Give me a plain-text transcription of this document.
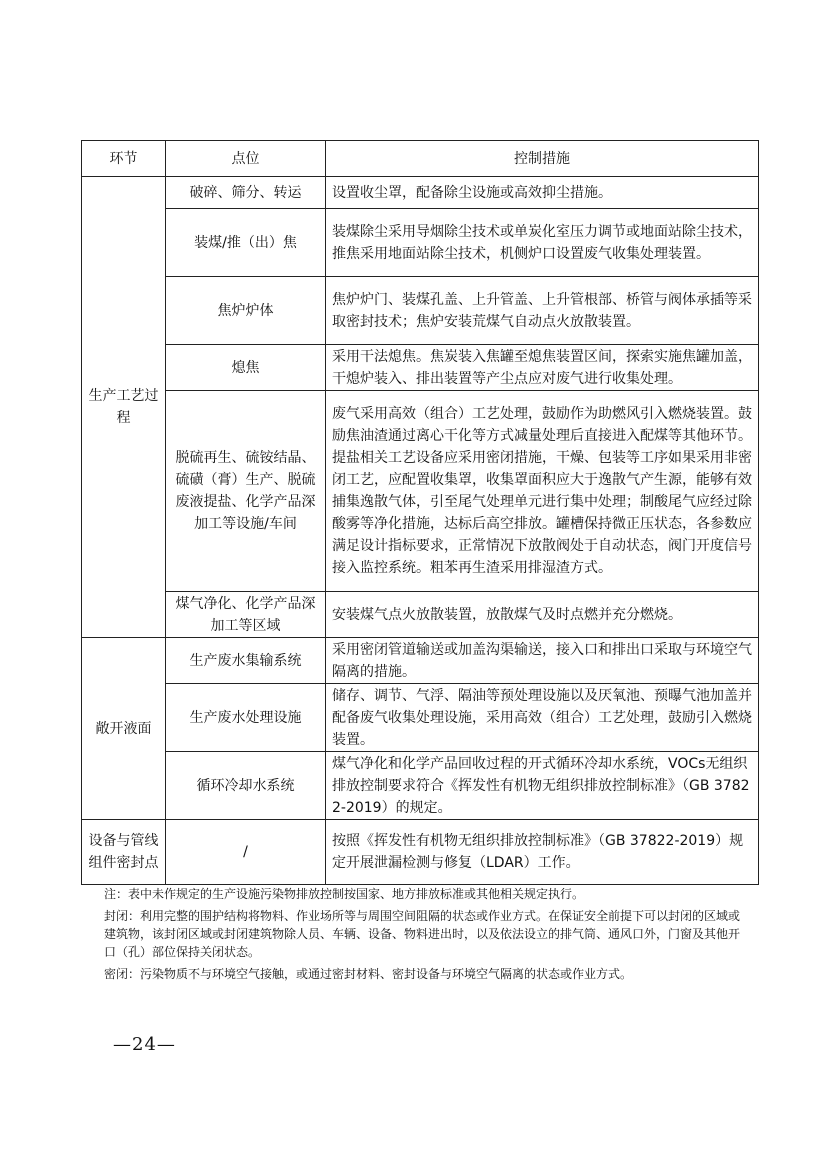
环节	点位	控制措施
生产工艺过程	破碎、筛分、转运	设置收尘罩，配备除尘设施或高效抑尘措施。
	装煤/推（出）焦	装煤除尘采用导烟除尘技术或单炭化室压力调节或地面站除尘技术，推焦采用地面站除尘技术，机侧炉口设置废气收集处理装置。
	焦炉炉体	焦炉炉门、装煤孔盖、上升管盖、上升管根部、桥管与阀体承插等采取密封技术；焦炉安装荒煤气自动点火放散装置。
	熄焦	采用干法熄焦。焦炭装入焦罐至熄焦装置区间，探索实施焦罐加盖，干熄炉装入、排出装置等产尘点应对废气进行收集处理。
	脱硫再生、硫铵结晶、硫磺（膏）生产、脱硫废液提盐、化学产品深加工等设施/车间	废气采用高效（组合）工艺处理，鼓励作为助燃风引入燃烧装置。鼓励焦油渣通过离心干化等方式减量处理后直接进入配煤等其他环节。提盐相关工艺设备应采用密闭措施，干燥、包装等工序如果采用非密闭工艺，应配置收集罩，收集罩面积应大于逸散气产生源，能够有效捕集逸散气体，引至尾气处理单元进行集中处理；制酸尾气应经过除酸雾等净化措施，达标后高空排放。罐槽保持微正压状态，各参数应满足设计指标要求，正常情况下放散阀处于自动状态，阀门开度信号接入监控系统。粗苯再生渣采用排湿渣方式。
	煤气净化、化学产品深加工等区域	安装煤气点火放散装置，放散煤气及时点燃并充分燃烧。
敞开液面	生产废水集输系统	采用密闭管道输送或加盖沟渠输送，接入口和排出口采取与环境空气隔离的措施。
	生产废水处理设施	储存、调节、气浮、隔油等预处理设施以及厌氧池、预曝气池加盖并配备废气收集处理设施，采用高效（组合）工艺处理，鼓励引入燃烧装置。
	循环冷却水系统	煤气净化和化学产品回收过程的开式循环冷却水系统，VOCs无组织排放控制要求符合《挥发性有机物无组织排放控制标准》（GB 37822-2019）的规定。
设备与管线组件密封点	/	按照《挥发性有机物无组织排放控制标准》（GB 37822-2019）规定开展泄漏检测与修复（LDAR）工作。

注：表中未作规定的生产设施污染物排放控制按国家、地方排放标准或其他相关规定执行。

封闭：利用完整的围护结构将物料、作业场所等与周围空间阻隔的状态或作业方式。在保证安全前提下可以封闭的区域或建筑物，该封闭区域或封闭建筑物除人员、车辆、设备、物料进出时，以及依法设立的排气筒、通风口外，门窗及其他开口（孔）部位保持关闭状态。

密闭：污染物质不与环境空气接触，或通过密封材料、密封设备与环境空气隔离的状态或作业方式。

—24—
